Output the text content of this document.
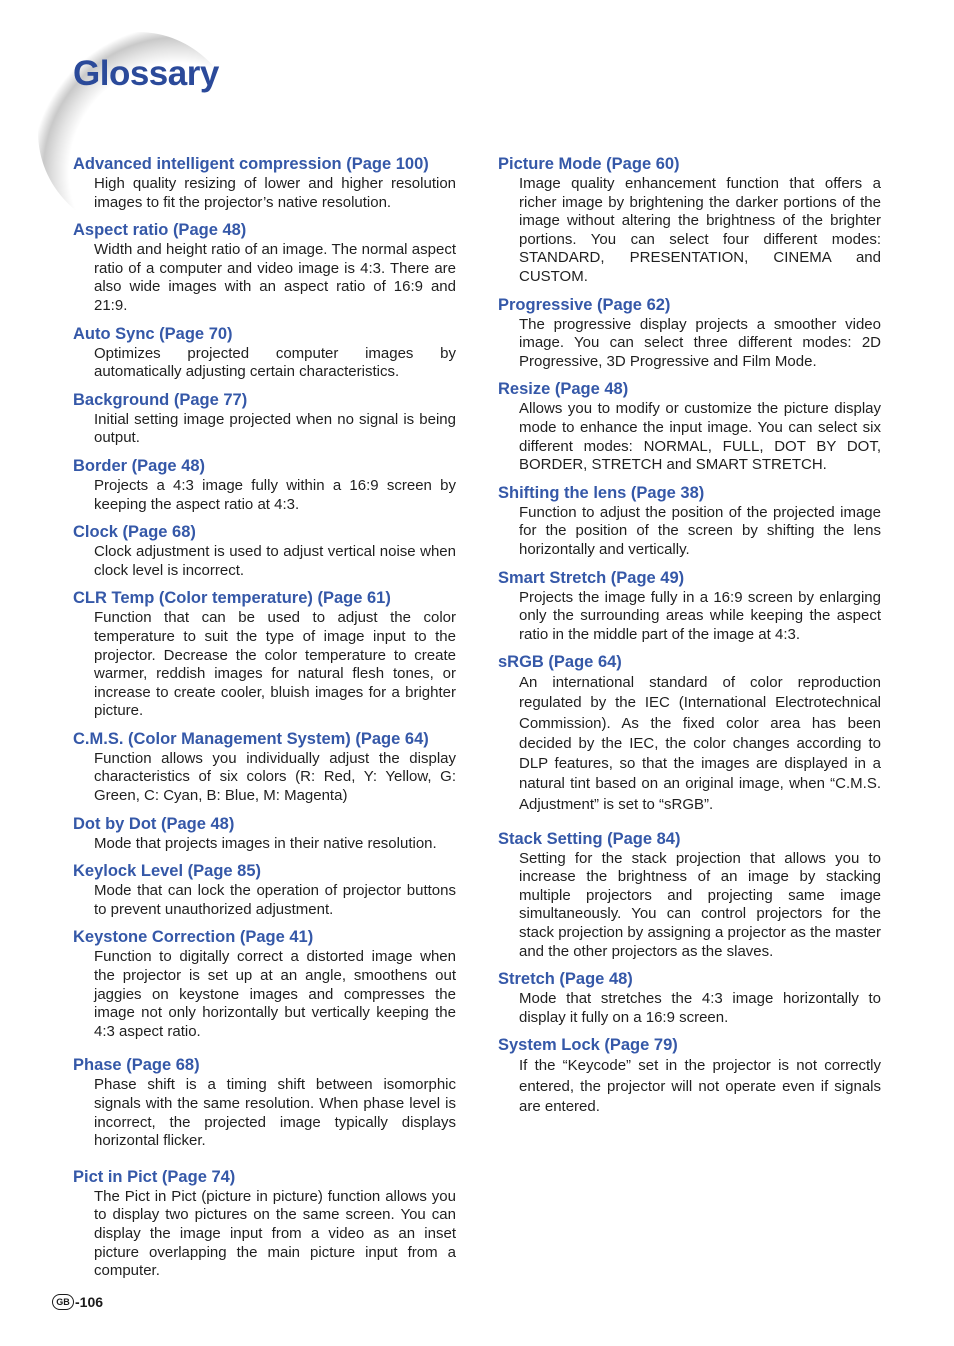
Glossary
Advanced intelligent compression (Page 100)
High quality resizing of lower and higher resolution images to fit the projector’s native resolution.
Aspect ratio (Page 48)
Width and height ratio of an image. The normal aspect ratio of a computer and video image is 4:3. There are also wide images with an aspect ratio of 16:9 and 21:9.
Auto Sync (Page 70)
Optimizes projected computer images by automatically adjusting certain characteristics.
Background (Page 77)
Initial setting image projected when no signal is being output.
Border (Page 48)
Projects a 4:3 image fully within a 16:9 screen by keeping the aspect ratio at 4:3.
Clock (Page 68)
Clock adjustment is used to adjust vertical noise when clock level is incorrect.
CLR Temp (Color temperature) (Page 61)
Function that can be used to adjust the color temperature to suit the type of image input to the projector. Decrease the color temperature to create warmer, reddish images for natural flesh tones, or increase to create cooler, bluish images for a brighter picture.
C.M.S. (Color Management System) (Page 64)
Function allows you individually adjust the display characteristics of six colors (R: Red, Y: Yellow, G: Green, C: Cyan, B: Blue, M: Magenta)
Dot by Dot (Page 48)
Mode that projects images in their native resolution.
Keylock Level (Page 85)
Mode that can lock the operation of projector buttons to prevent unauthorized adjustment.
Keystone Correction (Page 41)
Function to digitally correct a distorted image when the projector is set up at an angle, smoothens out jaggies on keystone images and compresses the image not only horizontally but vertically keeping the 4:3 aspect ratio.
Phase (Page 68)
Phase shift is a timing shift between isomorphic signals with the same resolution. When phase level is incorrect, the projected image typically displays horizontal flicker.
Pict in Pict (Page 74)
The Pict in Pict (picture in picture) function allows you to display two pictures on the same screen. You can display the image input from a video as an inset picture overlapping the main picture input from a computer.
Picture Mode (Page 60)
Image quality enhancement function that offers a richer image by brightening the darker portions of the image without altering the brightness of the brighter portions. You can select four different modes: STANDARD, PRESENTATION, CINEMA and CUSTOM.
Progressive (Page 62)
The progressive display projects a smoother video image. You can select three different modes: 2D Progressive, 3D Progressive and Film Mode.
Resize (Page 48)
Allows you to modify or customize the picture display mode to enhance the input image. You can select six different modes: NORMAL, FULL, DOT BY DOT, BORDER, STRETCH and SMART STRETCH.
Shifting the lens (Page 38)
Function to adjust the position of the projected image for the position of the screen by shifting the lens horizontally and vertically.
Smart Stretch (Page 49)
Projects the image fully in a 16:9 screen by enlarging only the surrounding areas while keeping the aspect ratio in the middle part of the image at 4:3.
sRGB (Page 64)
An international standard of color reproduction regulated by the IEC (International Electrotechnical Commission). As the fixed color area has been decided by the IEC, the color changes according to DLP features, so that the images are displayed in a natural tint based on an original image, when “C.M.S. Adjustment” is set to “sRGB”.
Stack Setting (Page 84)
Setting for the stack projection that allows you to increase the brightness of an image by stacking multiple projectors and projecting same image simultaneously. You can control projectors for the stack projection by assigning a projector as the master and the other projectors as the slaves.
Stretch (Page 48)
Mode that stretches the 4:3 image horizontally to display it fully on a 16:9 screen.
System Lock (Page 79)
If the “Keycode” set in the projector is not correctly entered, the projector will not operate even if signals are entered.
GB -106
